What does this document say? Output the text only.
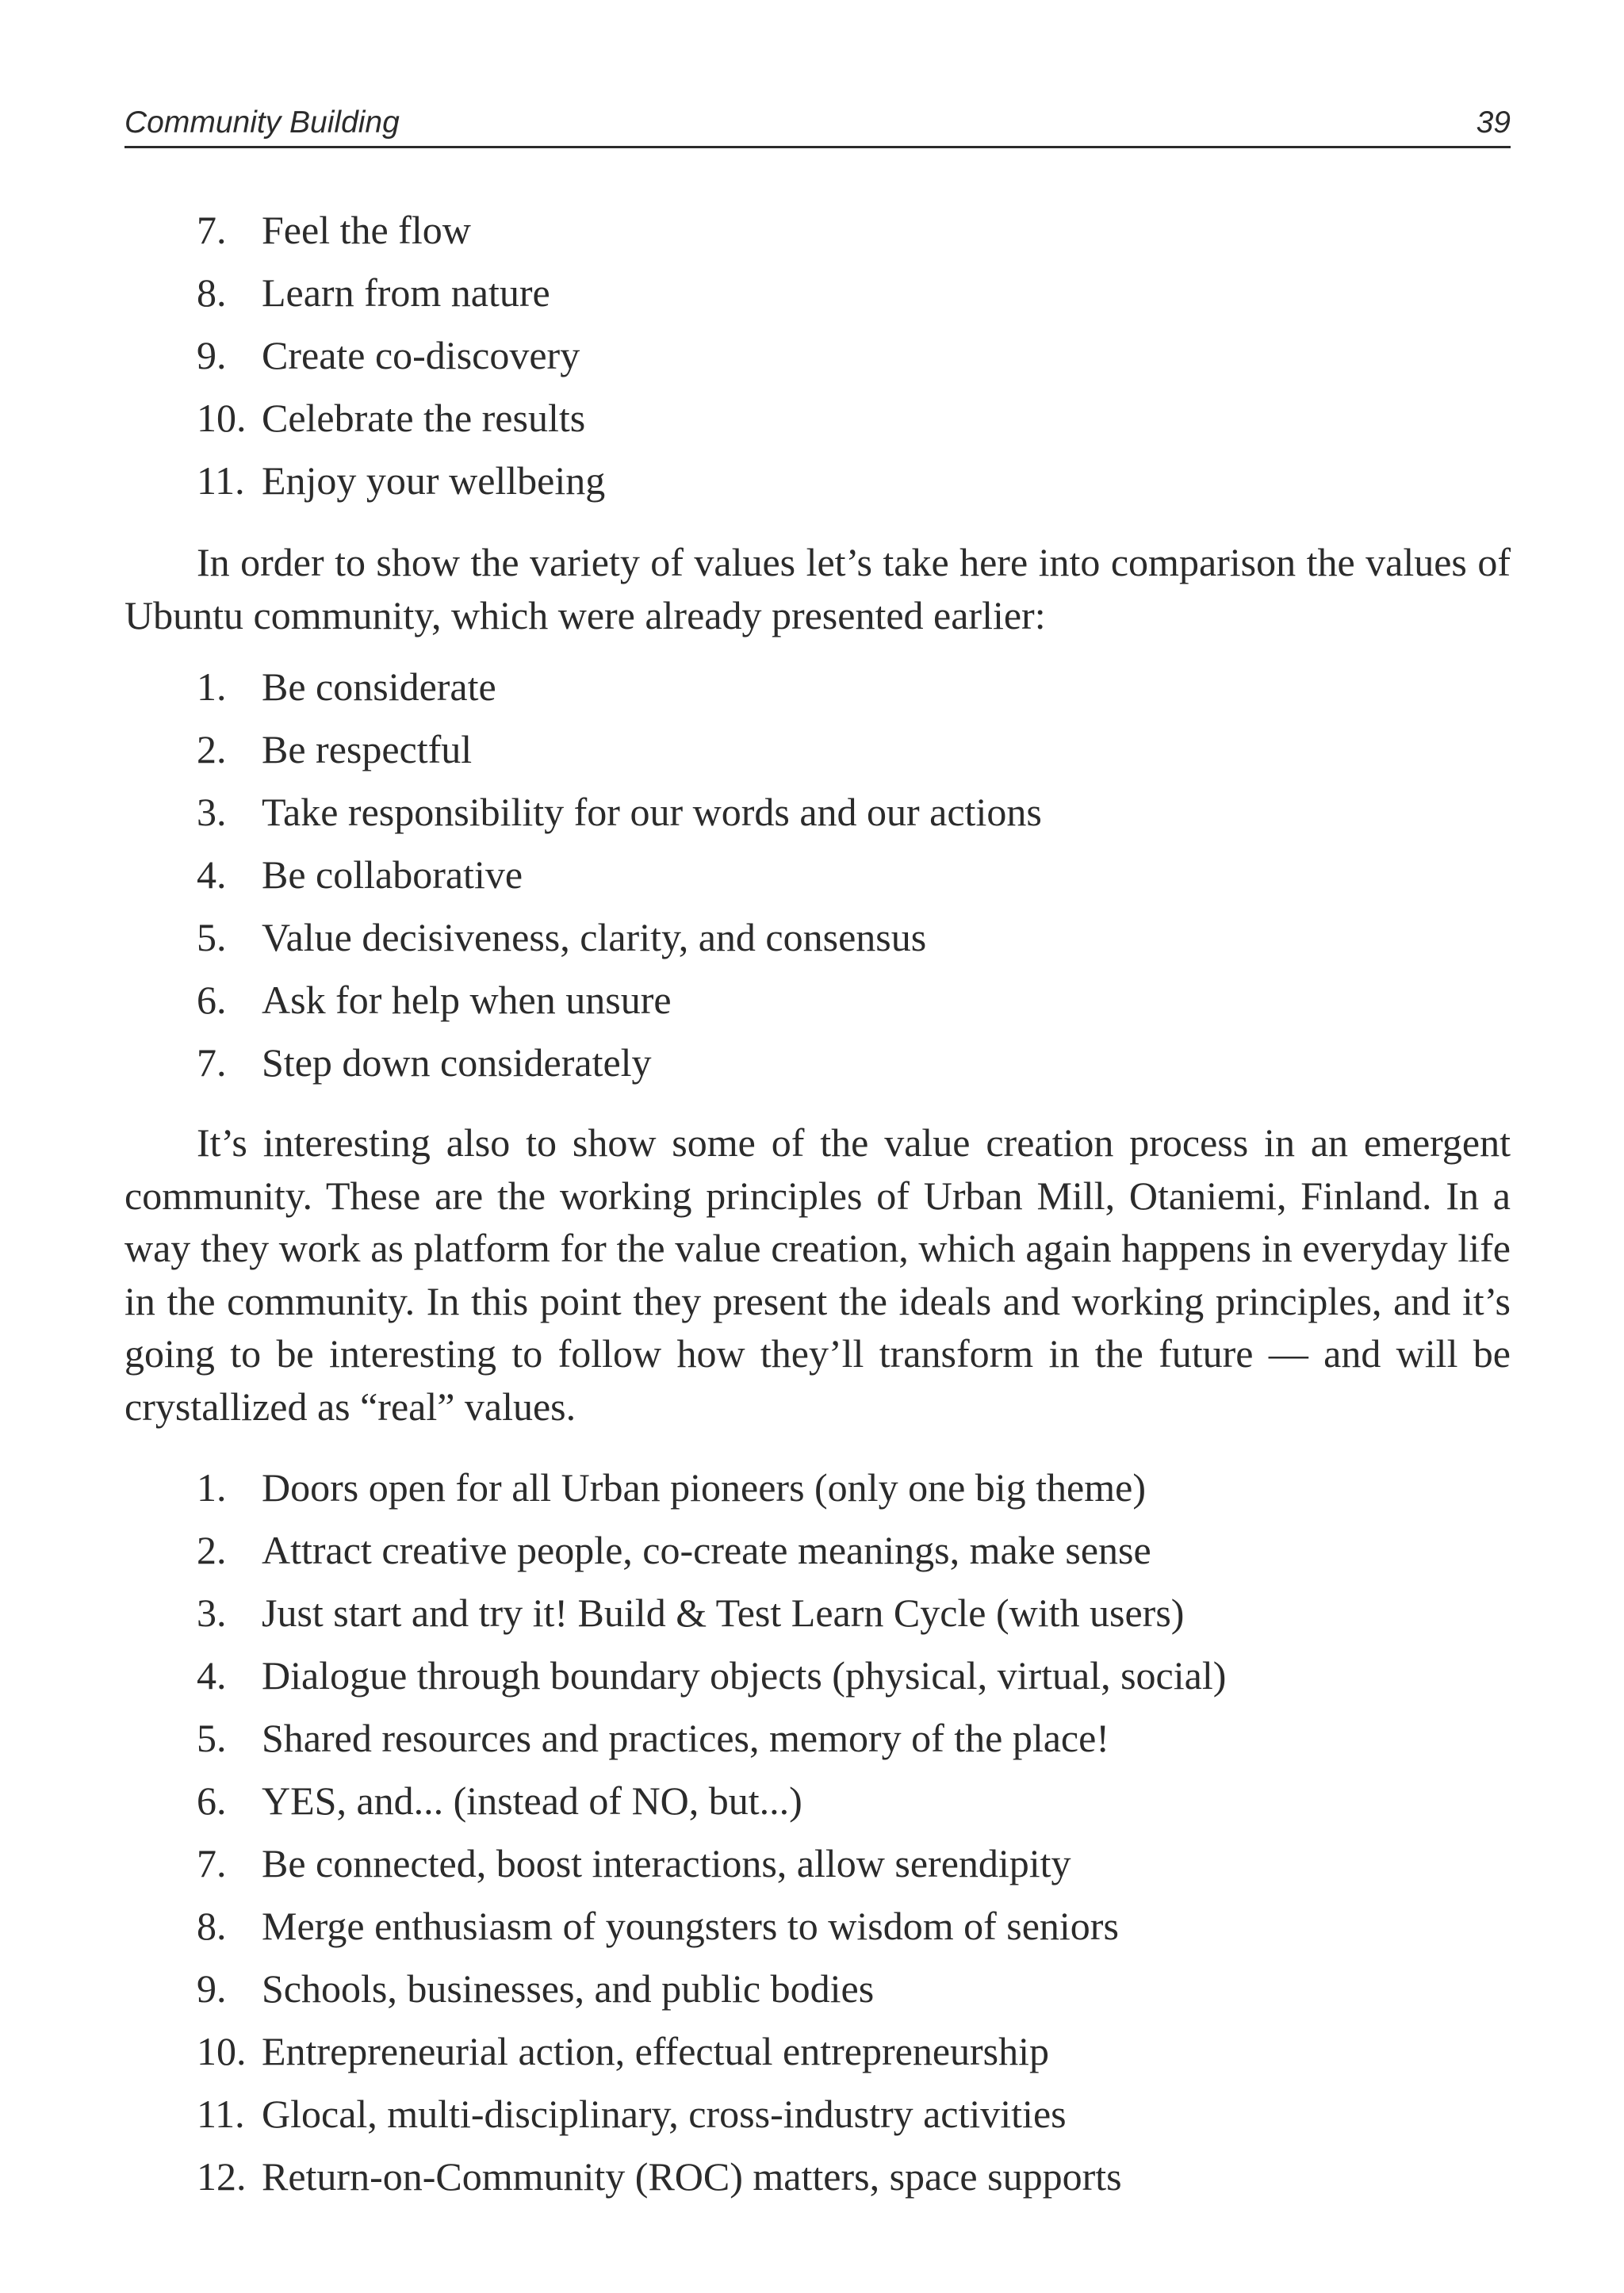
Community Building	39
7. Feel the flow
8. Learn from nature
9. Create co-discovery
10. Celebrate the results
11. Enjoy your wellbeing

In order to show the variety of values let’s take here into comparison the values of Ubuntu community, which were already presented earlier:

1. Be considerate
2. Be respectful
3. Take responsibility for our words and our actions
4. Be collaborative
5. Value decisiveness, clarity, and consensus
6. Ask for help when unsure
7. Step down considerately

It’s interesting also to show some of the value creation process in an emergent community. These are the working principles of Urban Mill, Otaniemi, Finland. In a way they work as platform for the value creation, which again happens in everyday life in the community. In this point they present the ideals and working principles, and it’s going to be interesting to follow how they’ll transform in the future — and will be crystallized as “real” values.

1. Doors open for all Urban pioneers (only one big theme)
2. Attract creative people, co-create meanings, make sense
3. Just start and try it! Build & Test Learn Cycle (with users)
4. Dialogue through boundary objects (physical, virtual, social)
5. Shared resources and practices, memory of the place!
6. YES, and... (instead of NO, but...)
7. Be connected, boost interactions, allow serendipity
8. Merge enthusiasm of youngsters to wisdom of seniors
9. Schools, businesses, and public bodies
10. Entrepreneurial action, effectual entrepreneurship
11. Glocal, multi-disciplinary, cross-industry activities
12. Return-on-Community (ROC) matters, space supports
